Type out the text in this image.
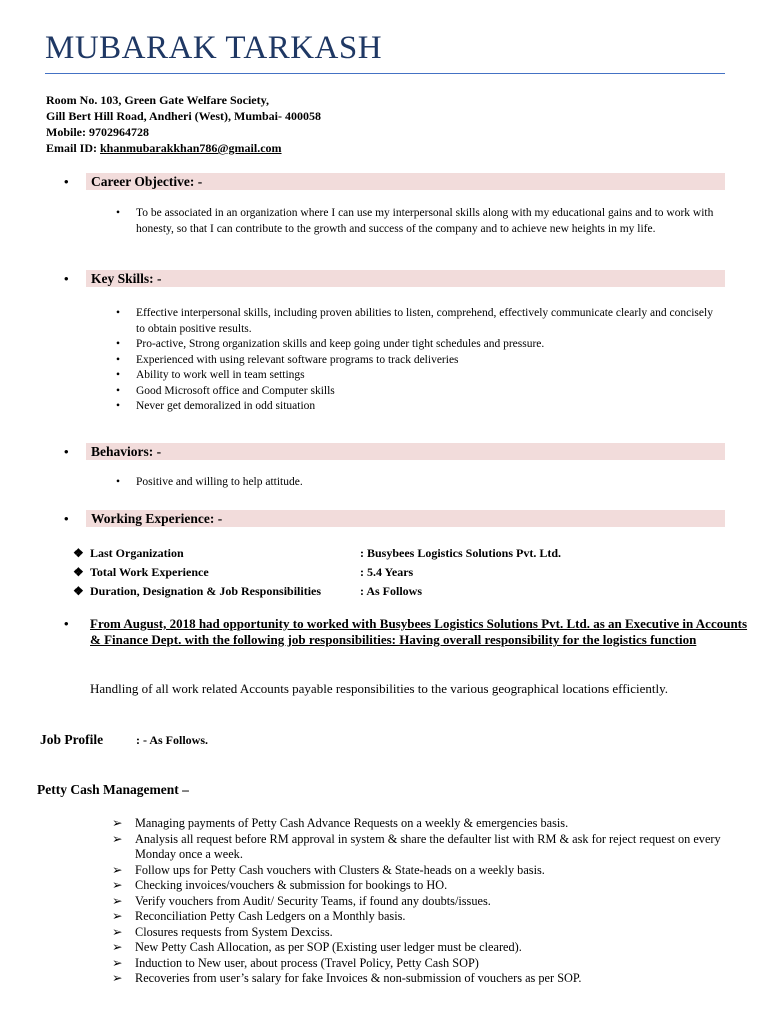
MUBARAK TARKASH
Room No. 103, Green Gate Welfare Society,
Gill Bert Hill Road, Andheri (West), Mumbai- 400058
Mobile: 9702964728
Email ID: khanmubarakkhan786@gmail.com
• Career Objective: -
• To be associated in an organization where I can use my interpersonal skills along with my educational gains and to work with honesty, so that I can contribute to the growth and success of the company and to achieve new heights in my life.
• Key Skills: -
• Effective interpersonal skills, including proven abilities to listen, comprehend, effectively communicate clearly and concisely to obtain positive results.
• Pro-active, Strong organization skills and keep going under tight schedules and pressure.
• Experienced with using relevant software programs to track deliveries
• Ability to work well in team settings
• Good Microsoft office and Computer skills
• Never get demoralized in odd situation
• Behaviors: -
• Positive and willing to help attitude.
• Working Experience: -
❖ Last Organization	: Busybees Logistics Solutions Pvt. Ltd.
❖ Total Work Experience	: 5.4 Years
❖ Duration, Designation & Job Responsibilities	: As Follows
• From August, 2018 had opportunity to worked with Busybees Logistics Solutions Pvt. Ltd. as an Executive in Accounts & Finance Dept. with the following job responsibilities: Having overall responsibility for the logistics function
Handling of all work related Accounts payable responsibilities to the various geographical locations efficiently.
Job Profile	: - As Follows.
Petty Cash Management –
➢ Managing payments of Petty Cash Advance Requests on a weekly & emergencies basis.
➢ Analysis all request before RM approval in system & share the defaulter list with RM & ask for reject request on every Monday once a week.
➢ Follow ups for Petty Cash vouchers with Clusters & State-heads on a weekly basis.
➢ Checking invoices/vouchers & submission for bookings to HO.
➢ Verify vouchers from Audit/ Security Teams, if found any doubts/issues.
➢ Reconciliation Petty Cash Ledgers on a Monthly basis.
➢ Closures requests from System Dexciss.
➢ New Petty Cash Allocation, as per SOP (Existing user ledger must be cleared).
➢ Induction to New user, about process (Travel Policy, Petty Cash SOP)
➢ Recoveries from user’s salary for fake Invoices & non-submission of vouchers as per SOP.
